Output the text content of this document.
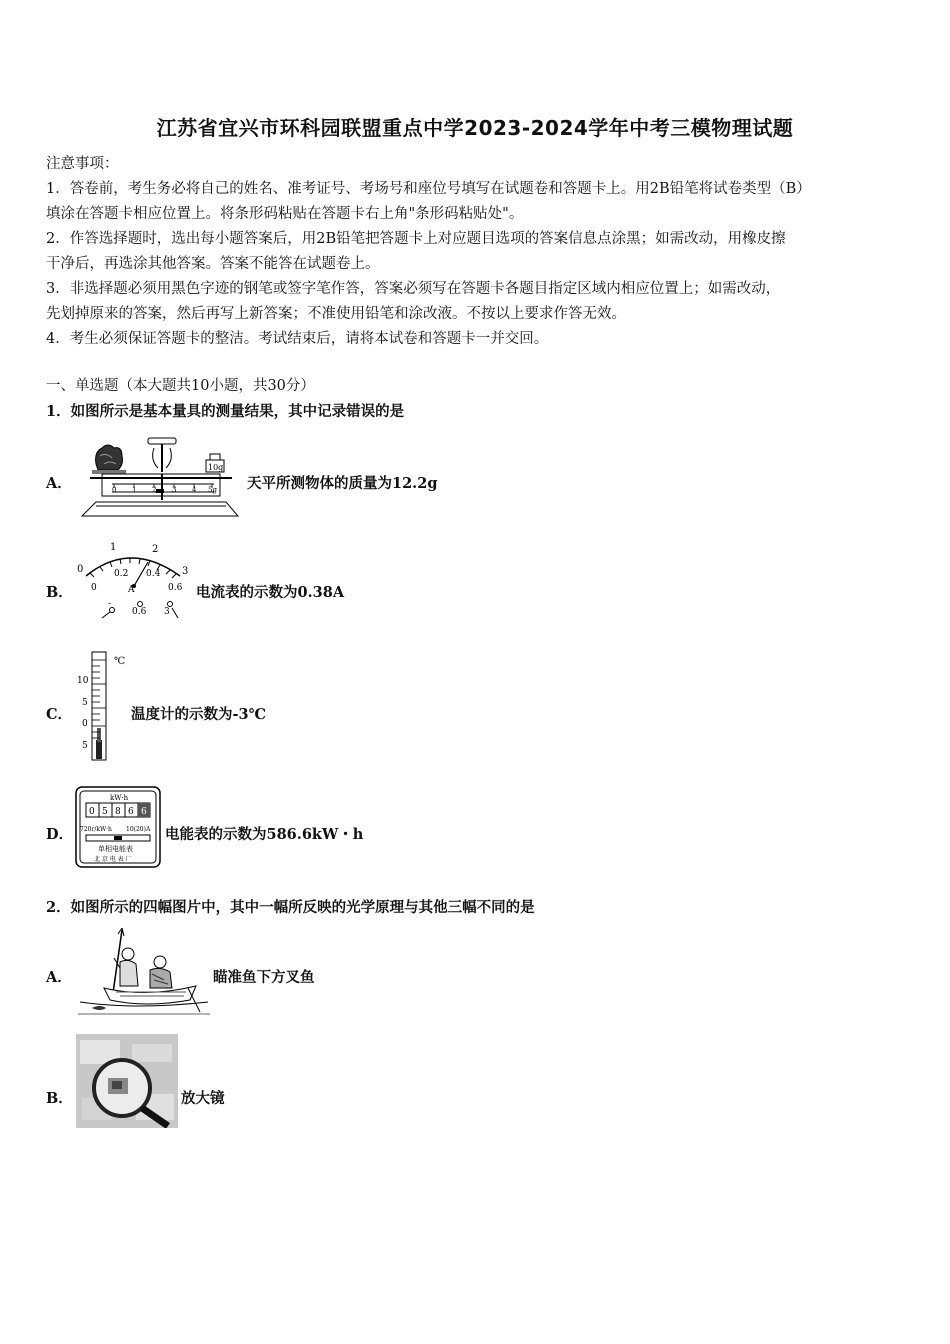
江苏省宜兴市环科园联盟重点中学2023-2024学年中考三模物理试题
注意事项：
1．答卷前，考生务必将自己的姓名、准考证号、考场号和座位号填写在试题卷和答题卡上。用2B铅笔将试卷类型（B）
填涂在答题卡相应位置上。将条形码粘贴在答题卡右上角"条形码粘贴处"。
2．作答选择题时，选出每小题答案后，用2B铅笔把答题卡上对应题目选项的答案信息点涂黑；如需改动，用橡皮擦
干净后，再选涂其他答案。答案不能答在试题卷上。
3．非选择题必须用黑色字迹的钢笔或签字笔作答，答案必须写在答题卡各题目指定区域内相应位置上；如需改动，
先划掉原来的答案，然后再写上新答案；不准使用铅笔和涂改液。不按以上要求作答无效。
4．考生必须保证答题卡的整洁。考试结束后，请将本试卷和答题卡一并交回。
一、单选题（本大题共10小题，共30分）
1．如图所示是基本量具的测量结果，其中记录错误的是
A．
10g
0 1 2 3 4 5g 天平所测物体的质量为12.2g
B．
0
1	2
3
0
0.2 0.4
0.6
A
-
0.6 3
电流表的示数为0.38A
C．
10
5
0
5
℃
温度计的示数为-3℃
D．
kW·h
0 5 8 6 6
720r/kW·h 10(20)A
单相电能表
北 京 电 表 厂
电能表的示数为586.6kW・h
2．如图所示的四幅图片中，其中一幅所反映的光学原理与其他三幅不同的是
A．	瞄准鱼下方叉鱼
B．	放大镜
